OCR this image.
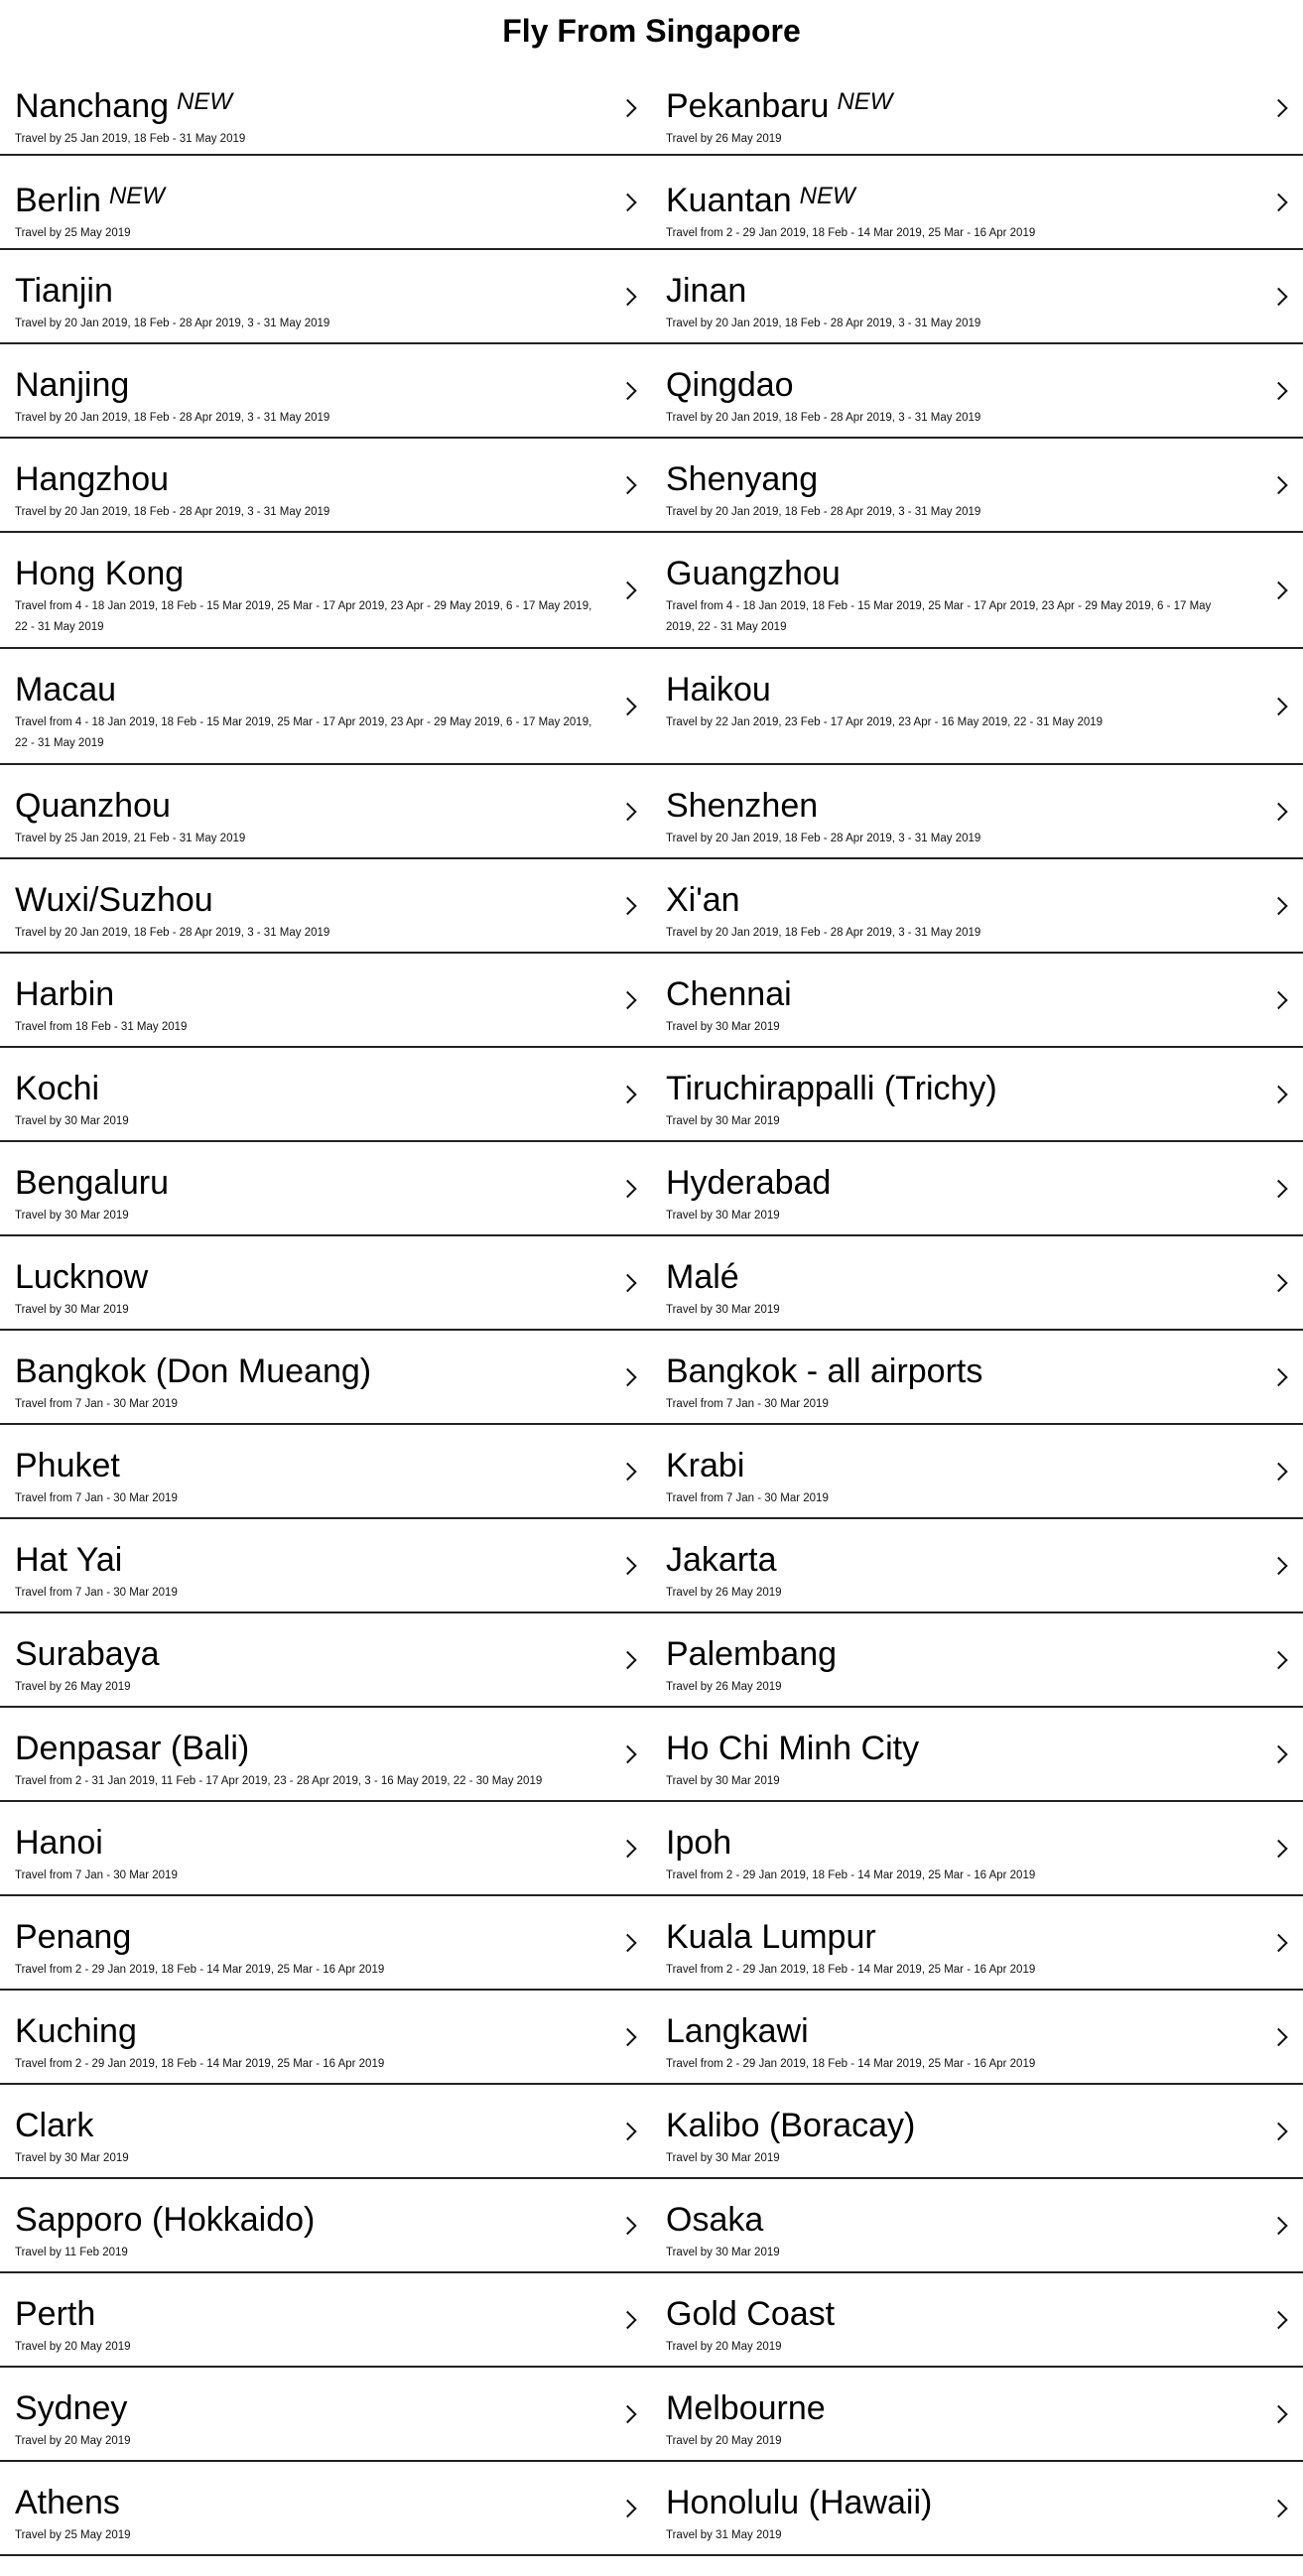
Fly From Singapore
Nanchang $^{NEW}$
Travel by 25 Jan 2019, 18 Feb - 31 May 2019
Pekanbaru $^{NEW}$
Travel by 26 May 2019
Berlin $^{NEW}$
Travel by 25 May 2019
Kuantan $^{NEW}$
Travel from 2 - 29 Jan 2019, 18 Feb - 14 Mar 2019, 25 Mar - 16 Apr 2019
Tianjin
Travel by 20 Jan 2019, 18 Feb - 28 Apr 2019, 3 - 31 May 2019
Jinan
Travel by 20 Jan 2019, 18 Feb - 28 Apr 2019, 3 - 31 May 2019
Nanjing
Travel by 20 Jan 2019, 18 Feb - 28 Apr 2019, 3 - 31 May 2019
Qingdao
Travel by 20 Jan 2019, 18 Feb - 28 Apr 2019, 3 - 31 May 2019
Hangzhou
Travel by 20 Jan 2019, 18 Feb - 28 Apr 2019, 3 - 31 May 2019
Shenyang
Travel by 20 Jan 2019, 18 Feb - 28 Apr 2019, 3 - 31 May 2019
Hong Kong
Travel from 4 - 18 Jan 2019, 18 Feb - 15 Mar 2019, 25 Mar - 17 Apr 2019, 23 Apr - 29 May 2019, 6 - 17 May 2019, 22 - 31 May 2019
Guangzhou
Travel from 4 - 18 Jan 2019, 18 Feb - 15 Mar 2019, 25 Mar - 17 Apr 2019, 23 Apr - 29 May 2019, 6 - 17 May 2019, 22 - 31 May 2019
Macau
Travel from 4 - 18 Jan 2019, 18 Feb - 15 Mar 2019, 25 Mar - 17 Apr 2019, 23 Apr - 29 May 2019, 6 - 17 May 2019, 22 - 31 May 2019
Haikou
Travel by 22 Jan 2019, 23 Feb - 17 Apr 2019, 23 Apr - 16 May 2019, 22 - 31 May 2019
Quanzhou
Travel by 25 Jan 2019, 21 Feb - 31 May 2019
Shenzhen
Travel by 20 Jan 2019, 18 Feb - 28 Apr 2019, 3 - 31 May 2019
Wuxi/Suzhou
Travel by 20 Jan 2019, 18 Feb - 28 Apr 2019, 3 - 31 May 2019
Xi'an
Travel by 20 Jan 2019, 18 Feb - 28 Apr 2019, 3 - 31 May 2019
Harbin
Travel from 18 Feb - 31 May 2019
Chennai
Travel by 30 Mar 2019
Kochi
Travel by 30 Mar 2019
Tiruchirappalli (Trichy)
Travel by 30 Mar 2019
Bengaluru
Travel by 30 Mar 2019
Hyderabad
Travel by 30 Mar 2019
Lucknow
Travel by 30 Mar 2019
Malé
Travel by 30 Mar 2019
Bangkok (Don Mueang)
Travel from 7 Jan - 30 Mar 2019
Bangkok - all airports
Travel from 7 Jan - 30 Mar 2019
Phuket
Travel from 7 Jan - 30 Mar 2019
Krabi
Travel from 7 Jan - 30 Mar 2019
Hat Yai
Travel from 7 Jan - 30 Mar 2019
Jakarta
Travel by 26 May 2019
Surabaya
Travel by 26 May 2019
Palembang
Travel by 26 May 2019
Denpasar (Bali)
Travel from 2 - 31 Jan 2019, 11 Feb - 17 Apr 2019, 23 - 28 Apr 2019, 3 - 16 May 2019, 22 - 30 May 2019
Ho Chi Minh City
Travel by 30 Mar 2019
Hanoi
Travel from 7 Jan - 30 Mar 2019
Ipoh
Travel from 2 - 29 Jan 2019, 18 Feb - 14 Mar 2019, 25 Mar - 16 Apr 2019
Penang
Travel from 2 - 29 Jan 2019, 18 Feb - 14 Mar 2019, 25 Mar - 16 Apr 2019
Kuala Lumpur
Travel from 2 - 29 Jan 2019, 18 Feb - 14 Mar 2019, 25 Mar - 16 Apr 2019
Kuching
Travel from 2 - 29 Jan 2019, 18 Feb - 14 Mar 2019, 25 Mar - 16 Apr 2019
Langkawi
Travel from 2 - 29 Jan 2019, 18 Feb - 14 Mar 2019, 25 Mar - 16 Apr 2019
Clark
Travel by 30 Mar 2019
Kalibo (Boracay)
Travel by 30 Mar 2019
Sapporo (Hokkaido)
Travel by 11 Feb 2019
Osaka
Travel by 30 Mar 2019
Perth
Travel by 20 May 2019
Gold Coast
Travel by 20 May 2019
Sydney
Travel by 20 May 2019
Melbourne
Travel by 20 May 2019
Athens
Travel by 25 May 2019
Honolulu (Hawaii)
Travel by 31 May 2019
